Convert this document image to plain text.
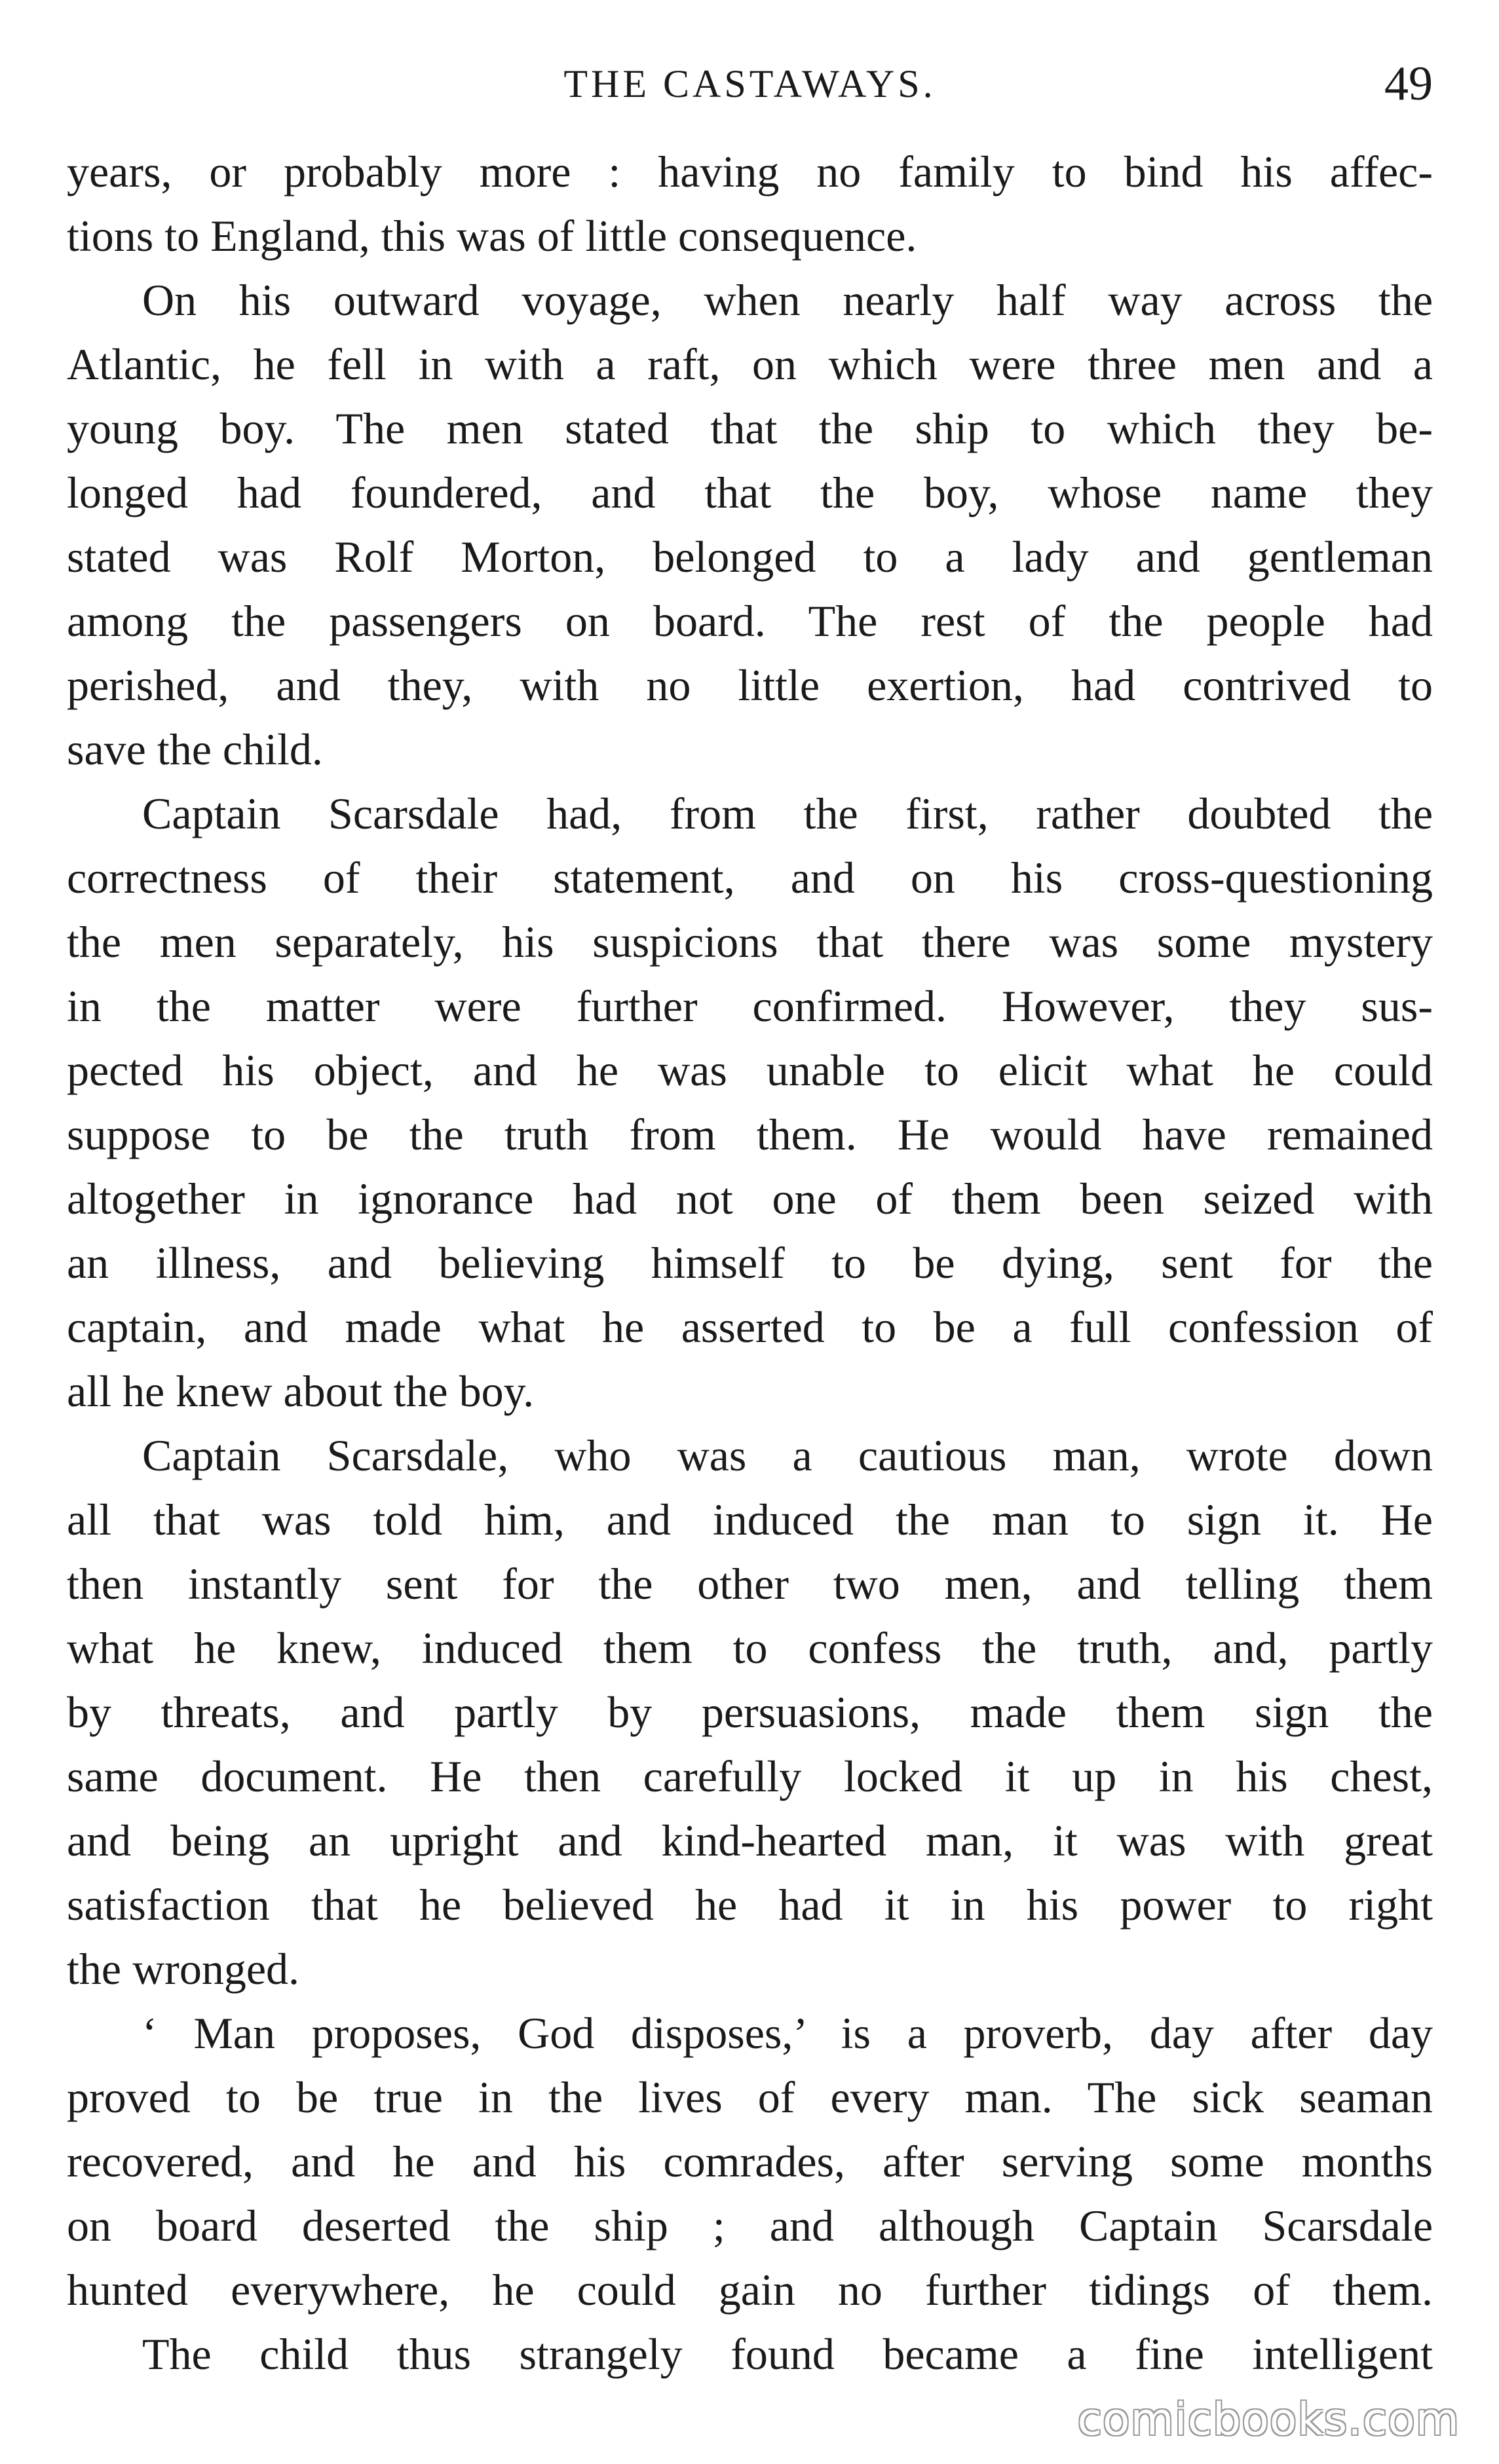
THE CASTAWAYS.	49
years, or probably more : having no family to bind his affec-
tions to England, this was of little consequence.
On his outward voyage, when nearly half way across the
Atlantic, he fell in with a raft, on which were three men and a
young boy. The men stated that the ship to which they be-
longed had foundered, and that the boy, whose name they
stated was Rolf Morton, belonged to a lady and gentleman
among the passengers on board. The rest of the people had
perished, and they, with no little exertion, had contrived to
save the child.
Captain Scarsdale had, from the first, rather doubted the
correctness of their statement, and on his cross-questioning
the men separately, his suspicions that there was some mystery
in the matter were further confirmed. However, they sus-
pected his object, and he was unable to elicit what he could
suppose to be the truth from them. He would have remained
altogether in ignorance had not one of them been seized with
an illness, and believing himself to be dying, sent for the
captain, and made what he asserted to be a full confession of
all he knew about the boy.
Captain Scarsdale, who was a cautious man, wrote down
all that was told him, and induced the man to sign it. He
then instantly sent for the other two men, and telling them
what he knew, induced them to confess the truth, and, partly
by threats, and partly by persuasions, made them sign the
same document. He then carefully locked it up in his chest,
and being an upright and kind-hearted man, it was with great
satisfaction that he believed he had it in his power to right
the wronged.
‘ Man proposes, God disposes,’ is a proverb, day after day
proved to be true in the lives of every man. The sick seaman
recovered, and he and his comrades, after serving some months
on board deserted the ship ; and although Captain Scarsdale
hunted everywhere, he could gain no further tidings of them.
The child thus strangely found became a fine intelligent
comicbooks.com
